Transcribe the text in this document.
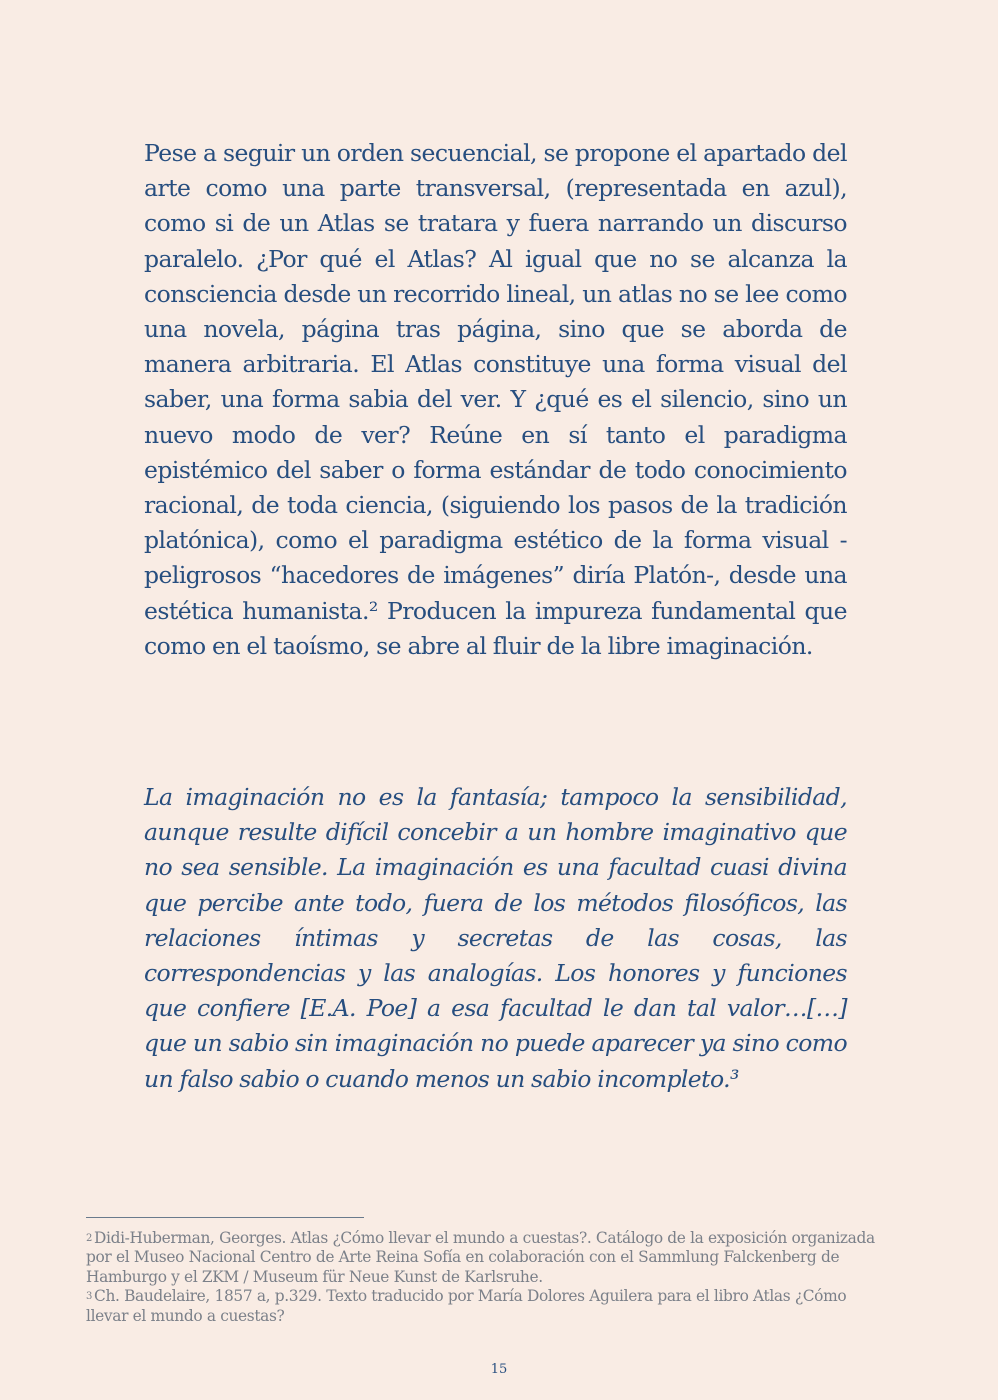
Pese a seguir un orden secuencial, se propone el apartado del arte como una parte transversal, (representada en azul), como si de un Atlas se tratara y fuera narrando un discurso paralelo. ¿Por qué el Atlas? Al igual que no se alcanza la consciencia desde un recorrido lineal, un atlas no se lee como una novela, página tras página, sino que se aborda de manera arbitraria. El Atlas constituye una forma visual del saber, una forma sabia del ver. Y ¿qué es el silencio, sino un nuevo modo de ver? Reúne en sí tanto el paradigma epistémico del saber o forma estándar de todo conocimiento racional, de toda ciencia, (siguiendo los pasos de la tradición platónica), como el paradigma estético de la forma visual -peligrosos “hacedores de imágenes” diría Platón-, desde una estética humanista.² Producen la impureza fundamental que como en el taoísmo, se abre al fluir de la libre imaginación.

La imaginación no es la fantasía; tampoco la sensibilidad, aunque resulte difícil concebir a un hombre imaginativo que no sea sensible. La imaginación es una facultad cuasi divina que percibe ante todo, fuera de los métodos filosóficos, las relaciones íntimas y secretas de las cosas, las correspondencias y las analogías. Los honores y funciones que confiere [E.A. Poe] a esa facultad le dan tal valor…[…] que un sabio sin imaginación no puede aparecer ya sino como un falso sabio o cuando menos un sabio incompleto.³

$^2$ Didi-Huberman, Georges. Atlas ¿Cómo llevar el mundo a cuestas?. Catálogo de la exposición organizada por el Museo Nacional Centro de Arte Reina Sofía en colaboración con el Sammlung Falckenberg de Hamburgo y el ZKM / Museum für Neue Kunst de Karlsruhe.

$^3$ Ch. Baudelaire, 1857 a, p.329. Texto traducido por María Dolores Aguilera para el libro Atlas ¿Cómo llevar el mundo a cuestas?

15
